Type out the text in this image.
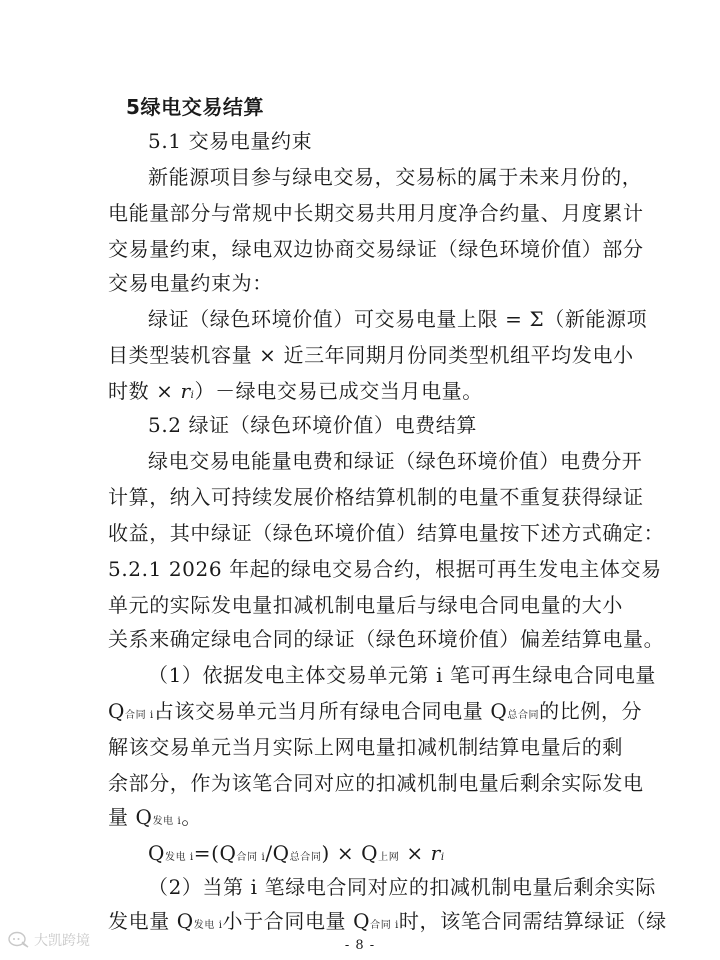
5绿电交易结算
5.1 交易电量约束
新能源项目参与绿电交易，交易标的属于未来月份的，
电能量部分与常规中长期交易共用月度净合约量、月度累计
交易量约束，绿电双边协商交易绿证（绿色环境价值）部分
交易电量约束为：
绿证（绿色环境价值）可交易电量上限 = Σ（新能源项
目类型装机容量 × 近三年同期月份同类型机组平均发电小
时数 × ri）－绿电交易已成交当月电量。
5.2 绿证（绿色环境价值）电费结算
绿电交易电能量电费和绿证（绿色环境价值）电费分开
计算，纳入可持续发展价格结算机制的电量不重复获得绿证
收益，其中绿证（绿色环境价值）结算电量按下述方式确定：
5.2.1 2026 年起的绿电交易合约，根据可再生发电主体交易
单元的实际发电量扣减机制电量后与绿电合同电量的大小
关系来确定绿电合同的绿证（绿色环境价值）偏差结算电量。
（1）依据发电主体交易单元第 i 笔可再生绿电合同电量
Q合同 i占该交易单元当月所有绿电合同电量 Q总合同的比例，分
解该交易单元当月实际上网电量扣减机制结算电量后的剩
余部分，作为该笔合同对应的扣减机制电量后剩余实际发电
量 Q发电 i。
Q发电 i=(Q合同 i/Q总合同) × Q上网 × ri
（2）当第 i 笔绿电合同对应的扣减机制电量后剩余实际
发电量 Q发电 i小于合同电量 Q合同 i时，该笔合同需结算绿证（绿
- 8 -
大凯跨境
